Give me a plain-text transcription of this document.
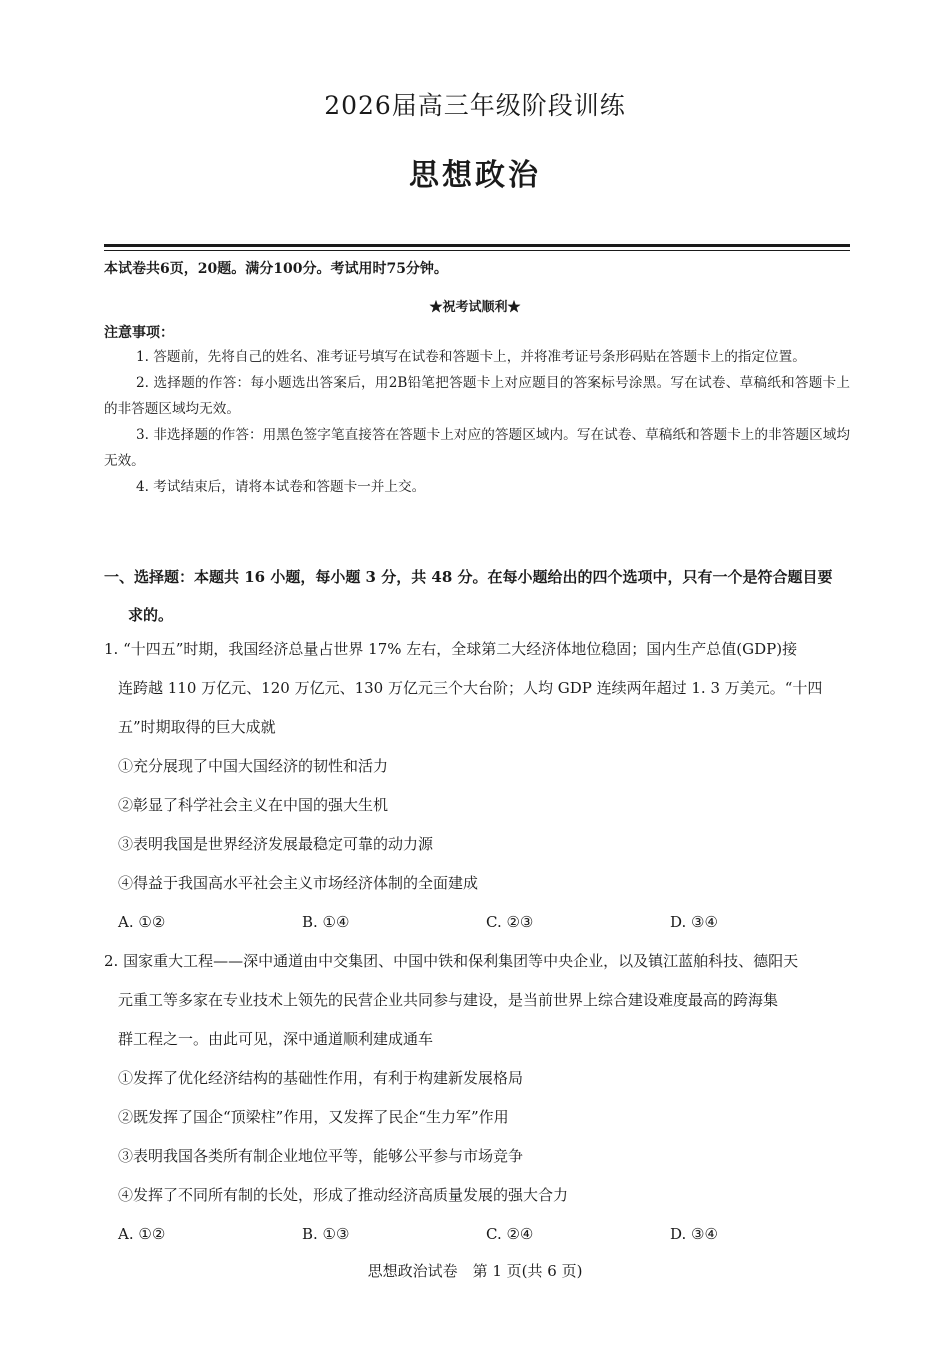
2026届高三年级阶段训练
思想政治
本试卷共6页，20题。满分100分。考试用时75分钟。
★祝考试顺利★
注意事项：

1. 答题前，先将自己的姓名、准考证号填写在试卷和答题卡上，并将准考证号条形码贴在答题卡上的指定位置。

2. 选择题的作答：每小题选出答案后，用2B铅笔把答题卡上对应题目的答案标号涂黑。写在试卷、草稿纸和答题卡上的非答题区域均无效。

3. 非选择题的作答：用黑色签字笔直接答在答题卡上对应的答题区域内。写在试卷、草稿纸和答题卡上的非答题区域均无效。

4. 考试结束后，请将本试卷和答题卡一并上交。

一、选择题：本题共 16 小题，每小题 3 分，共 48 分。在每小题给出的四个选项中，只有一个是符合题目要
求的。

1. “十四五”时期，我国经济总量占世界 17% 左右，全球第二大经济体地位稳固；国内生产总值(GDP)接
连跨越 110 万亿元、120 万亿元、130 万亿元三个大台阶；人均 GDP 连续两年超过 1. 3 万美元。“十四
五”时期取得的巨大成就

①充分展现了中国大国经济的韧性和活力

②彰显了科学社会主义在中国的强大生机

③表明我国是世界经济发展最稳定可靠的动力源

④得益于我国高水平社会主义市场经济体制的全面建成

A. ①②	B. ①④	C. ②③	D. ③④

2. 国家重大工程——深中通道由中交集团、中国中铁和保利集团等中央企业，以及镇江蓝舶科技、德阳天
元重工等多家在专业技术上领先的民营企业共同参与建设，是当前世界上综合建设难度最高的跨海集
群工程之一。由此可见，深中通道顺利建成通车

①发挥了优化经济结构的基础性作用，有利于构建新发展格局

②既发挥了国企“顶梁柱”作用，又发挥了民企“生力军”作用

③表明我国各类所有制企业地位平等，能够公平参与市场竞争

④发挥了不同所有制的长处，形成了推动经济高质量发展的强大合力

A. ①②	B. ①③	C. ②④	D. ③④
思想政治试卷　第 1 页(共 6 页)
